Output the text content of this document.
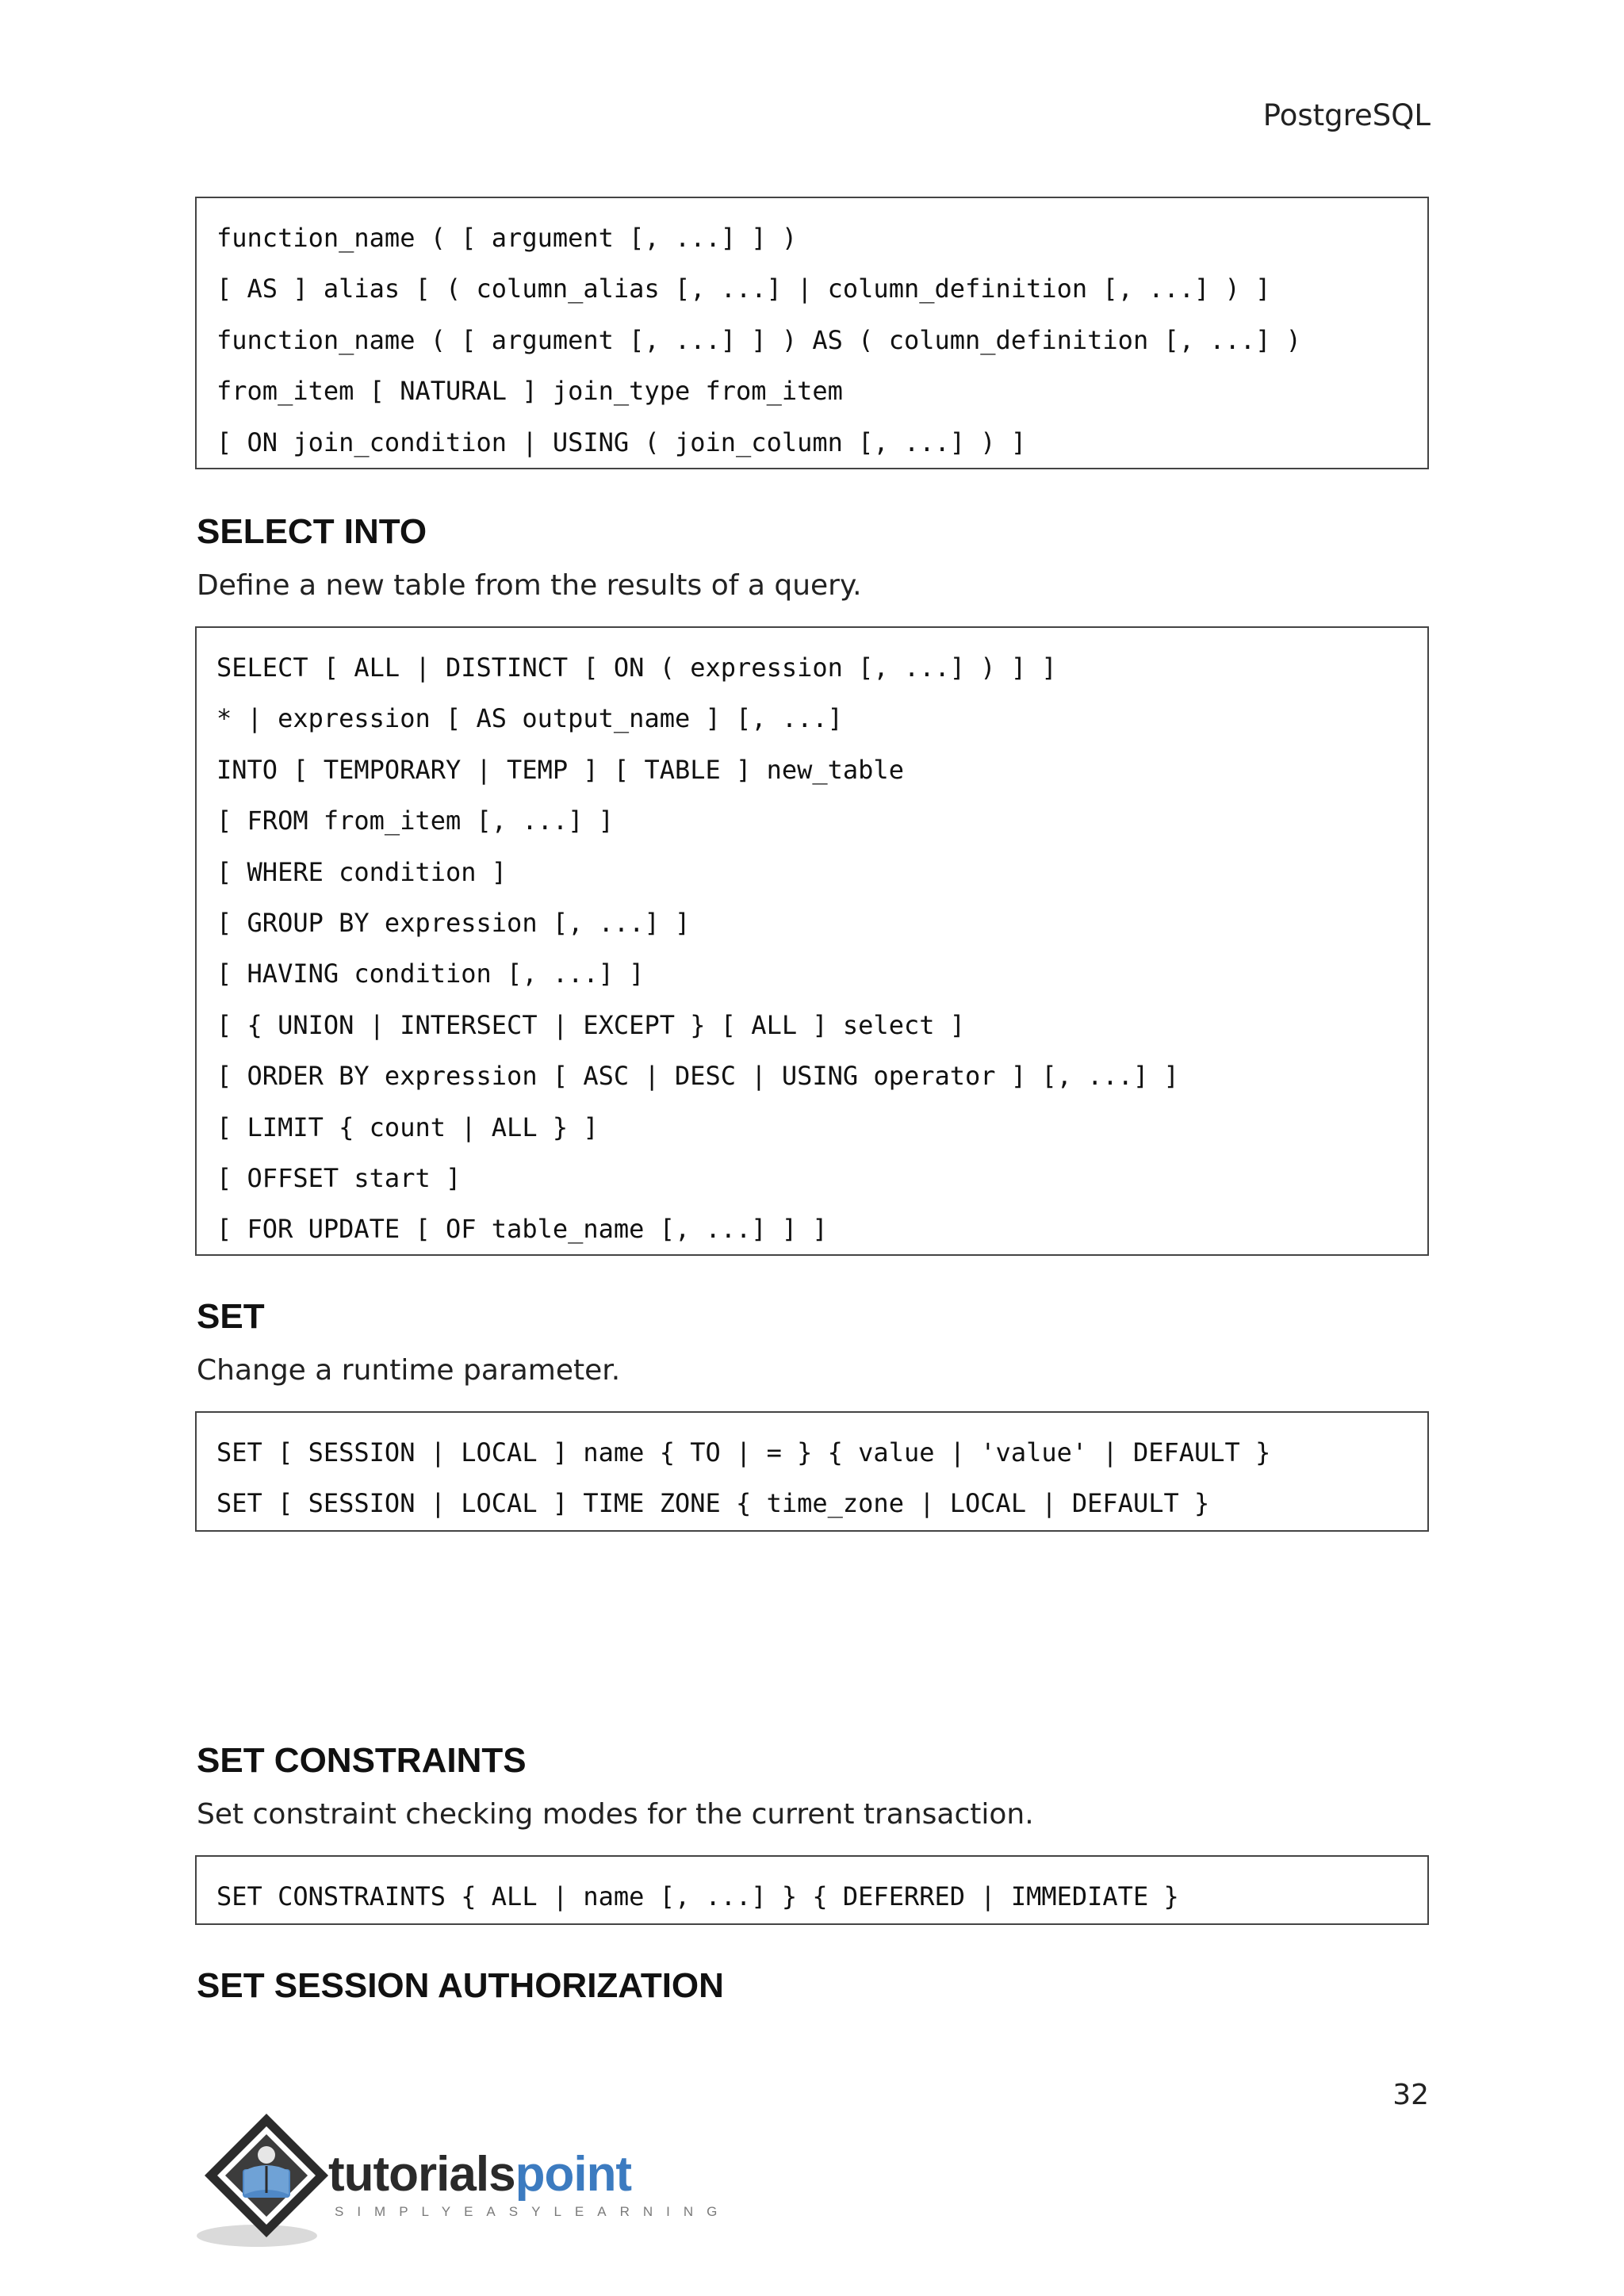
PostgreSQL
function_name ( [ argument [, ...] ] )
[ AS ] alias [ ( column_alias [, ...] | column_definition [, ...] ) ]
function_name ( [ argument [, ...] ] ) AS ( column_definition [, ...] )
from_item [ NATURAL ] join_type from_item
[ ON join_condition | USING ( join_column [, ...] ) ]
SELECT INTO
Define a new table from the results of a query.
SELECT [ ALL | DISTINCT [ ON ( expression [, ...] ) ] ]
* | expression [ AS output_name ] [, ...]
INTO [ TEMPORARY | TEMP ] [ TABLE ] new_table
[ FROM from_item [, ...] ]
[ WHERE condition ]
[ GROUP BY expression [, ...] ]
[ HAVING condition [, ...] ]
[ { UNION | INTERSECT | EXCEPT } [ ALL ] select ]
[ ORDER BY expression [ ASC | DESC | USING operator ] [, ...] ]
[ LIMIT { count | ALL } ]
[ OFFSET start ]
[ FOR UPDATE [ OF table_name [, ...] ] ]
SET
Change a runtime parameter.
SET [ SESSION | LOCAL ] name { TO | = } { value | 'value' | DEFAULT }
SET [ SESSION | LOCAL ] TIME ZONE { time_zone | LOCAL | DEFAULT }
SET CONSTRAINTS
Set constraint checking modes for the current transaction.
SET CONSTRAINTS { ALL | name [, ...] } { DEFERRED | IMMEDIATE }
SET SESSION AUTHORIZATION
32
tutorialspoint
SIMPLYEASYLEARNING
